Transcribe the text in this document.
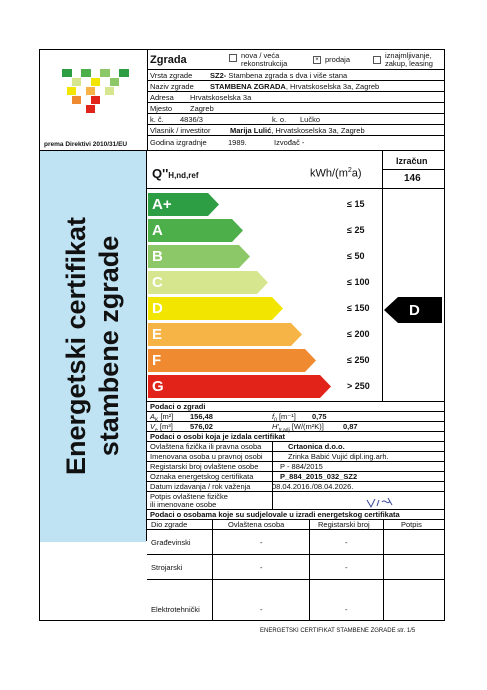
prema Direktivi 2010/31/EU
Zgrada	nova / veća
rekonstrukcija	× prodaja	iznajmljivanje,
zakup, leasing
Vrsta zgrade SZ2- Stambena zgrada s dva i više stana
Naziv zgrade STAMBENA ZGRADA, Hrvatskoselska 3a, Zagreb
Adresa Hrvatskoselska 3a
Mjesto Zagreb
k. č. 4836/3	k. o. Lučko
Vlasnik / investitor	Marija Lulić, Hrvatskoselska 3a, Zagreb
Godina izgradnje	1989.	Izvođač -
Energetski certifikat stambene zgrade
Q''H,nd,ref	kWh/$(m^2a)$
Izračun
146
A+	≤ 15
A	≤ 25
B	≤ 50
C	≤ 100
D	≤ 150
E	≤ 200
F	≤ 250
G	> 250
D
Podaci o zgradi
$A_K$ [m²] 156,48	$f_0$ [m⁻¹] 0,75
$V_e$ [m³] 576,02	$H'_{tr,adj}$ [W/(m²K)]	0,87
Podaci o osobi koja je izdala certifikat
Ovlaštena fizička ili pravna osoba	Crtaonica d.o.o.
Imenovana osoba u pravnoj osobi	Zrinka Babić Vujić dipl.ing.arh.
Registarski broj ovlaštene osobe	P - 884/2015
Oznaka energetskog certifikata	P_884_2015_032_SZ2
Datum izdavanja / rok važenja	08.04.2016./08.04.2026.
Potpis ovlaštene fizičke
ili imenovane osobe
Podaci o osobama koje su sudjelovale u izradi energetskog certifikata
Dio zgrade	Ovlaštena osoba	Registarski broj	Potpis
Građevinski	-	-
Strojarski	-	-
Elektrotehnički	-	-
ENERGETSKI CERTIFIKAT STAMBENE ZGRADE str. 1/5
